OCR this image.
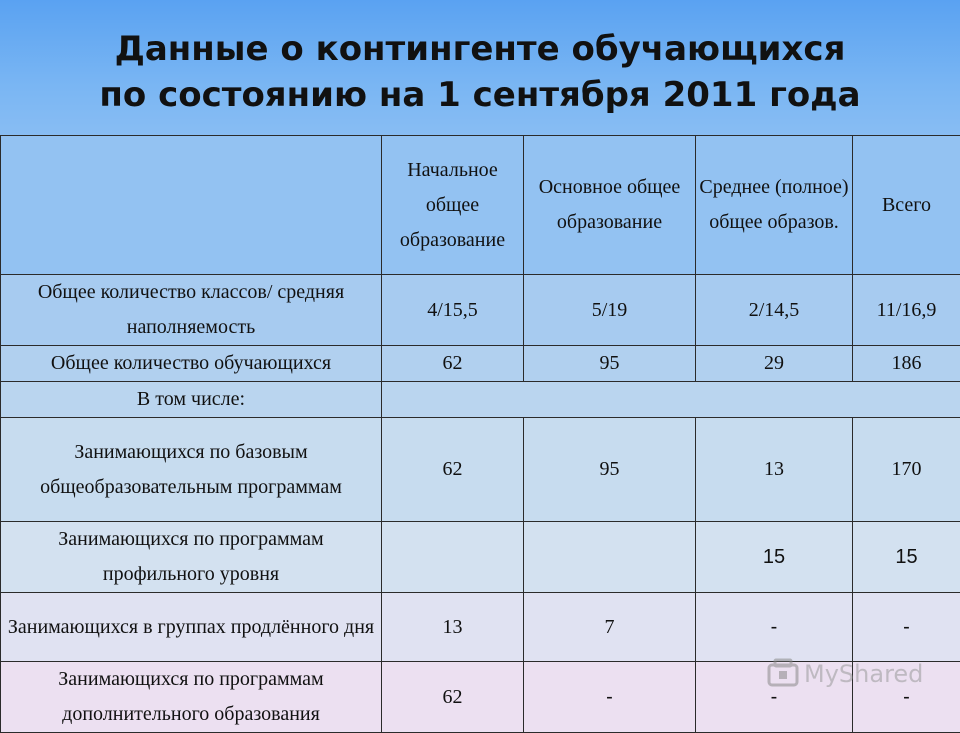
Данные о контингенте обучающихся
по состоянию на 1 сентября 2011 года
	Начальное общее образование	Основное общее образование	Среднее (полное) общее образов.	Всего
Общее количество классов/ средняя наполняемость	4/15,5	5/19	2/14,5	11/16,9
Общее количество обучающихся	62	95	29	186
В том числе:				
Занимающихся по базовым общеобразовательным программам	62	95	13	170
Занимающихся по программам профильного уровня			15	15
Занимающихся в группах продлённого дня	13	7	-	-
Занимающихся по программам дополнительного образования	62	-	-	-
MyShared
